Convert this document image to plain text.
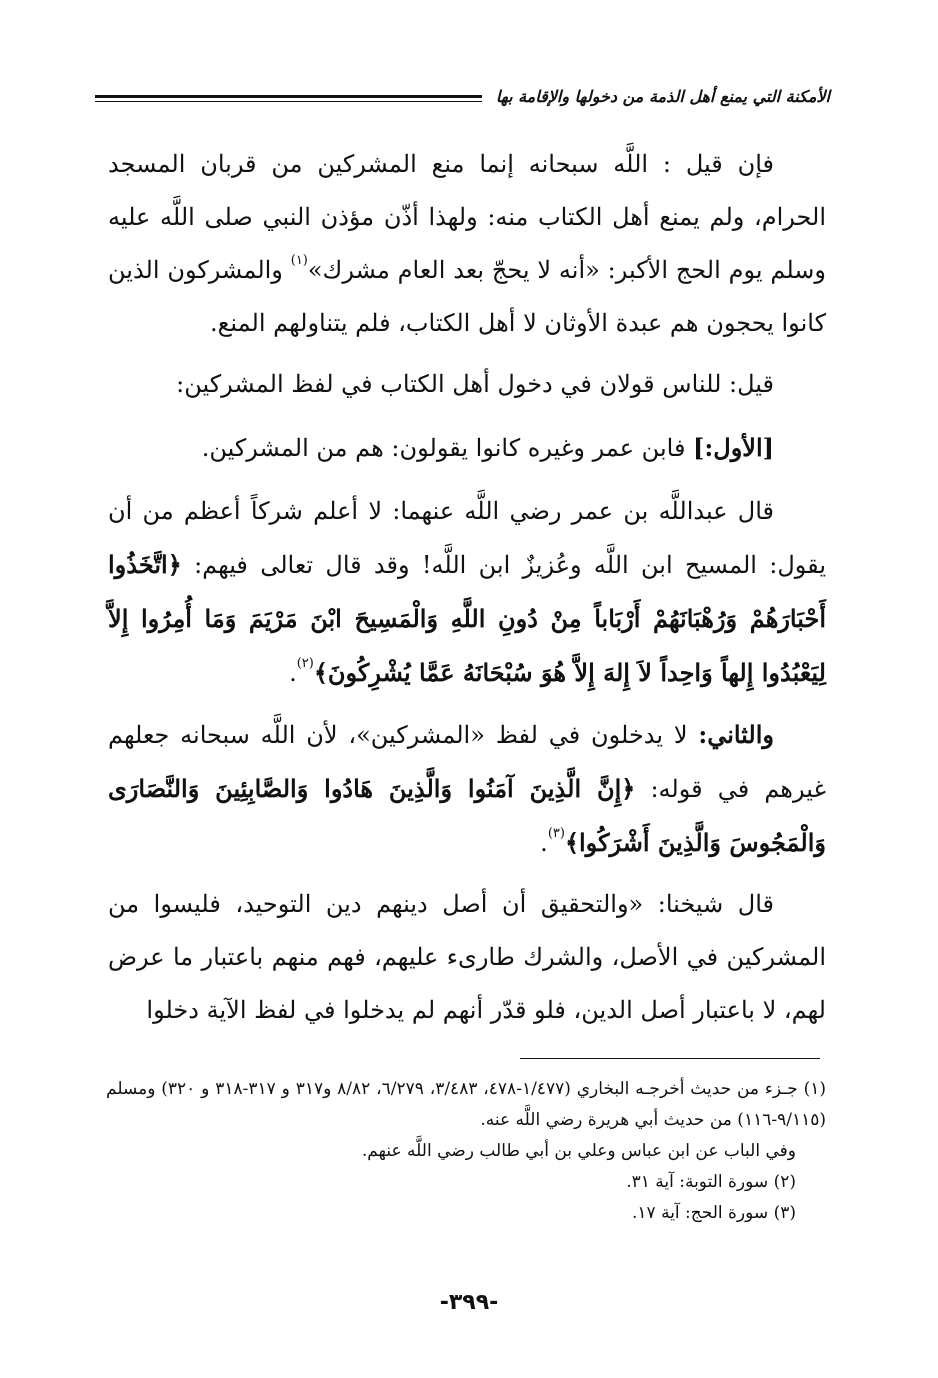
الأمكنة التي يمنع أهل الذمة من دخولها والإقامة بها

فإن قيل : اللَّه سبحانه إنما منع المشركين من قربان المسجد الحرام، ولم يمنع أهل الكتاب منه: ولهذا أذّن مؤذن النبي صلى اللَّه عليه وسلم يوم الحج الأكبر: «أنه لا يحجّ بعد العام مشرك»$^{(١)}$ والمشركون الذين كانوا يحجون هم عبدة الأوثان لا أهل الكتاب، فلم يتناولهم المنع.

قيل: للناس قولان في دخول أهل الكتاب في لفظ المشركين:

[الأول:] فابن عمر وغيره كانوا يقولون: هم من المشركين.

قال عبداللَّه بن عمر رضي اللَّه عنهما: لا أعلم شركاً أعظم من أن يقول: المسيح ابن اللَّه وعُزيزٌ ابن اللَّه! وقد قال تعالى فيهم: ﴿اتَّخَذُوا أَحْبَارَهُمْ وَرُهْبَانَهُمْ أَرْبَاباً مِنْ دُونِ اللَّهِ وَالْمَسِيحَ ابْنَ مَرْيَمَ وَمَا أُمِرُوا إِلاَّ لِيَعْبُدُوا إِلهاً وَاحِداً لاَ إِلهَ إِلاَّ هُوَ سُبْحَانَهُ عَمَّا يُشْرِكُونَ﴾$^{(٢)}$.

والثاني: لا يدخلون في لفظ «المشركين»، لأن اللَّه سبحانه جعلهم غيرهم في قوله: ﴿إِنَّ الَّذِينَ آمَنُوا وَالَّذِينَ هَادُوا وَالصَّابِئِينَ وَالنَّصَارَى وَالْمَجُوسَ وَالَّذِينَ أَشْرَكُوا﴾$^{(٣)}$.

قال شيخنا: «والتحقيق أن أصل دينهم دين التوحيد، فليسوا من المشركين في الأصل، والشرك طارىء عليهم، فهم منهم باعتبار ما عرض لهم، لا باعتبار أصل الدين، فلو قدّر أنهم لم يدخلوا في لفظ الآية دخلوا

(١) جـزء من حديث أخرجـه البخاري (١/٤٧٧-٤٧٨، ٣/٤٨٣، ٦/٢٧٩، ٨/٨٢ و٣١٧ و ٣١٧-٣١٨ و ٣٢٠) ومسلم (٩/١١٥-١١٦) من حديث أبي هريرة رضي اللَّه عنه.

وفي الباب عن ابن عباس وعلي بن أبي طالب رضي اللَّه عنهم.

(٢) سورة التوبة: آية ٣١.

(٣) سورة الحج: آية ١٧.

-٣٩٩-
